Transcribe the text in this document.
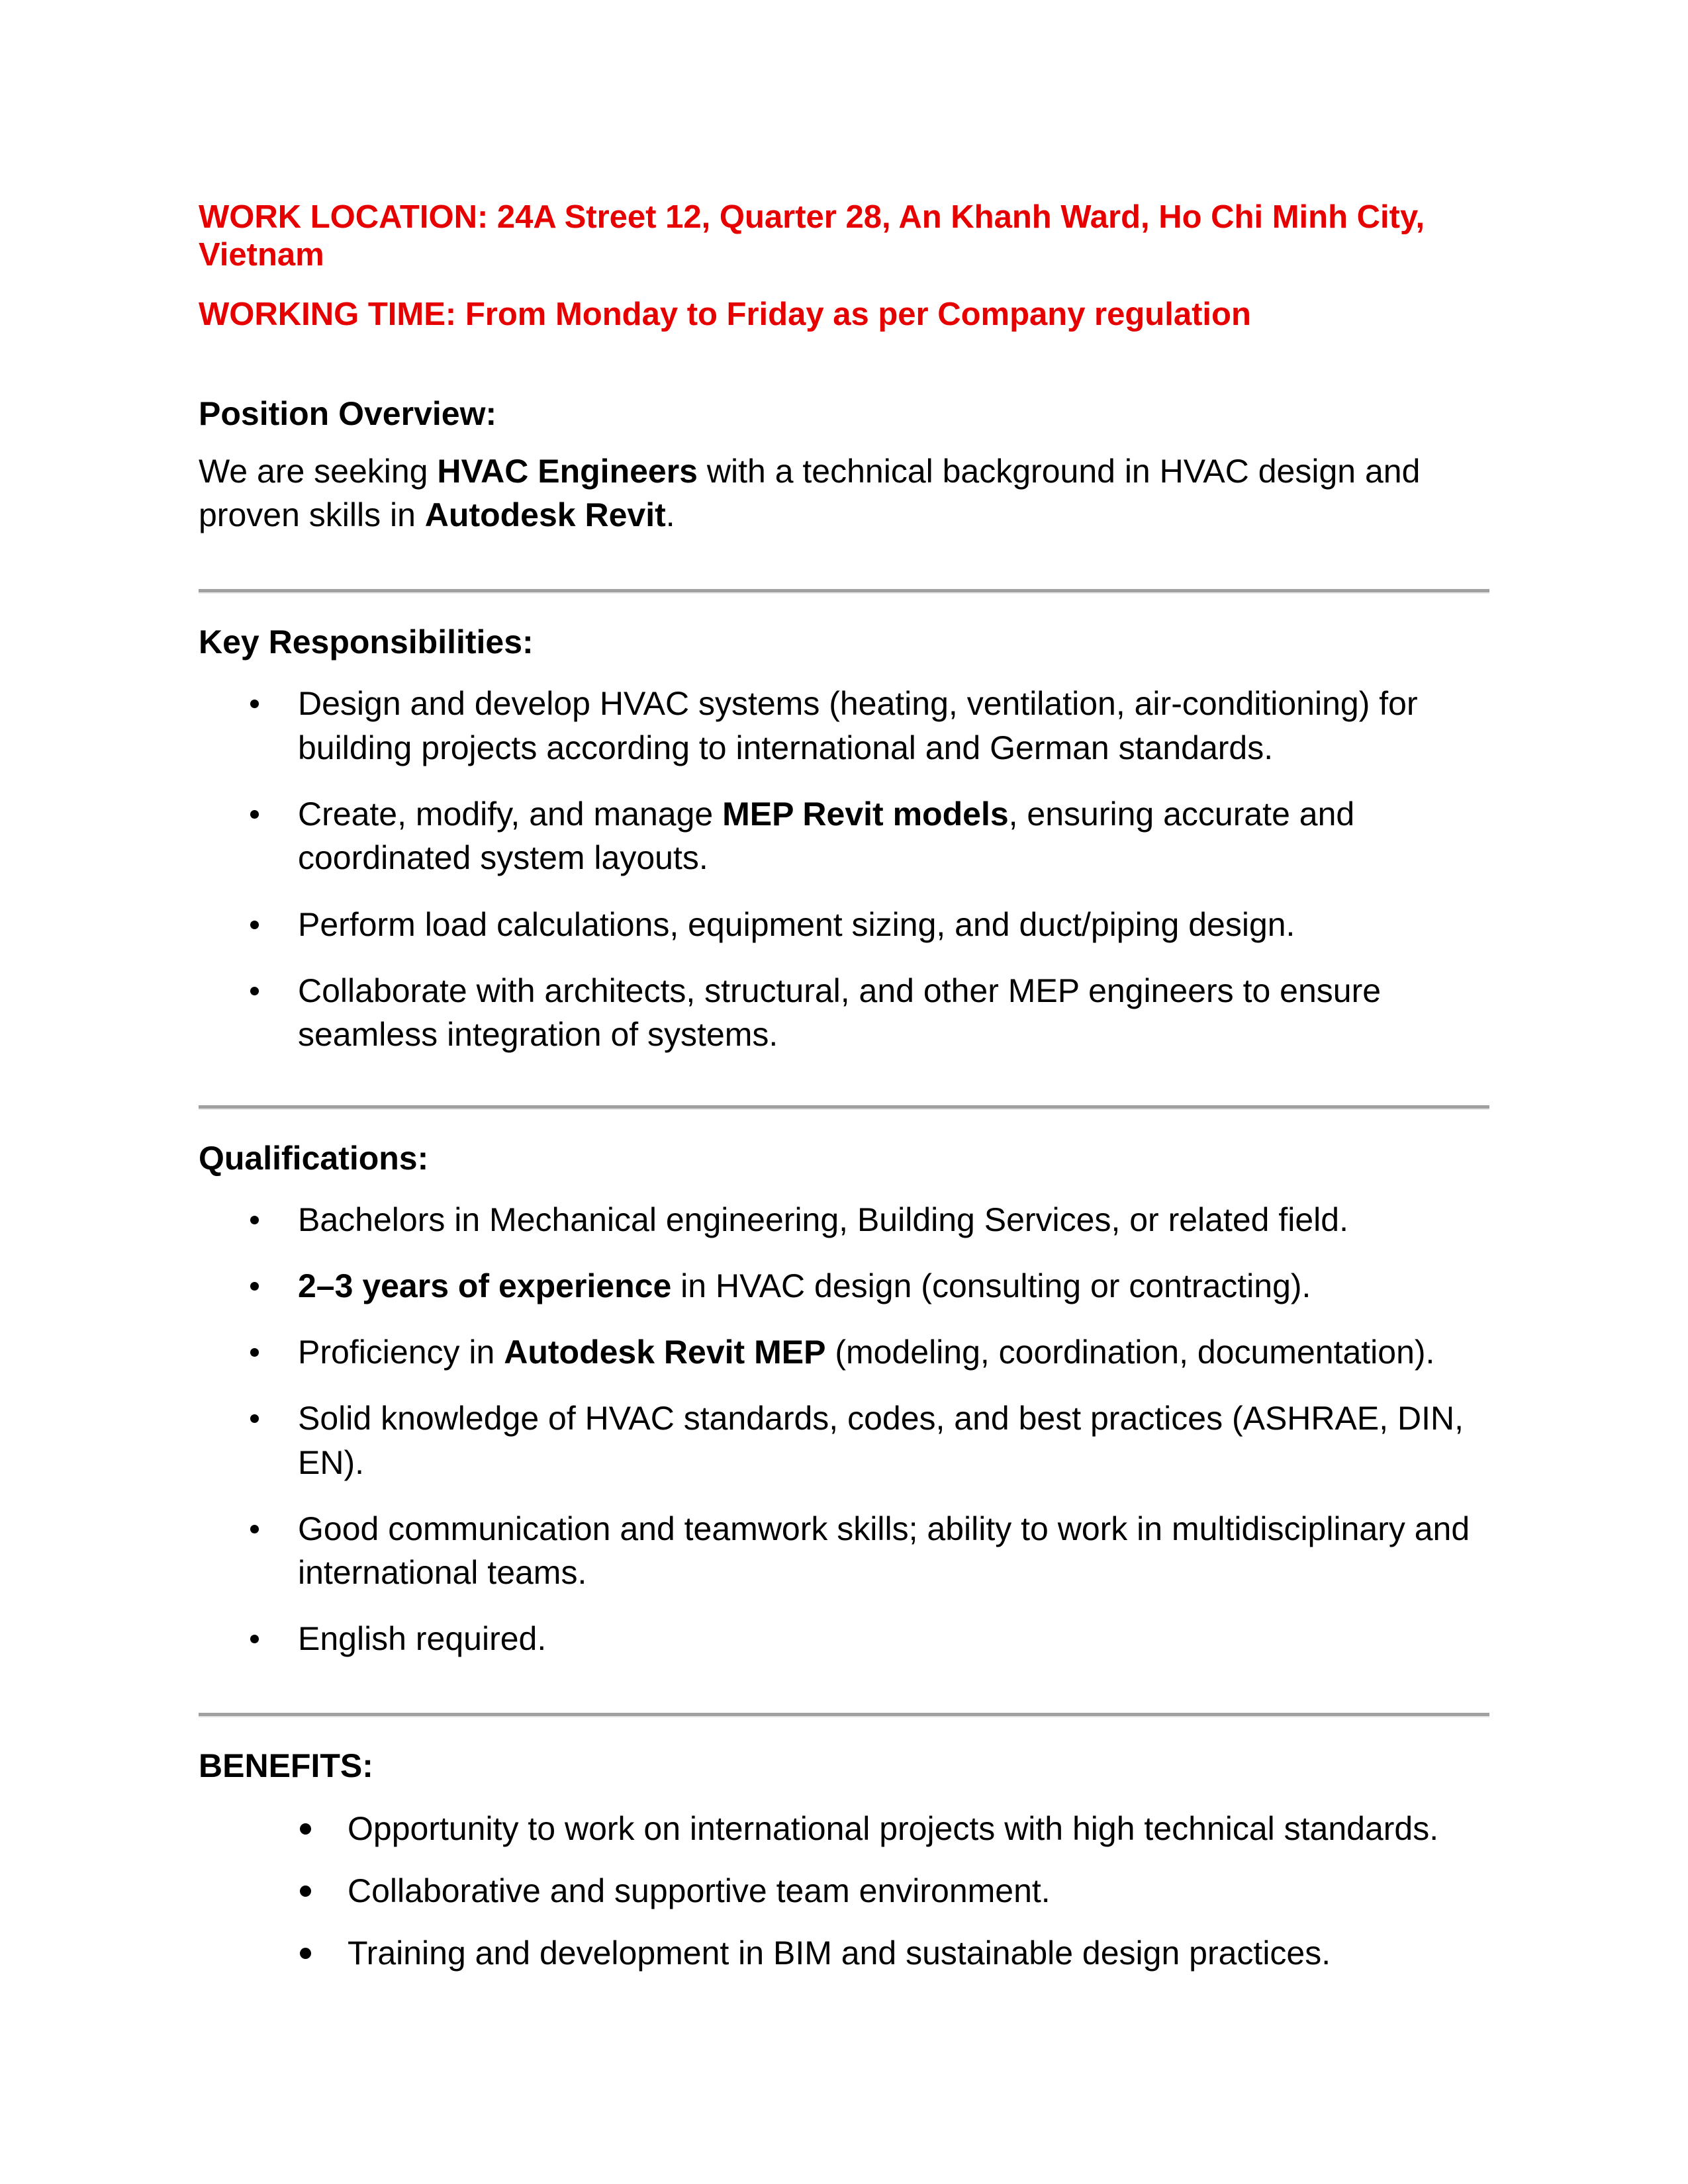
WORK LOCATION: 24A Street 12, Quarter 28, An Khanh Ward, Ho Chi Minh City,
Vietnam
WORKING TIME: From Monday to Friday as per Company regulation
Position Overview:
We are seeking HVAC Engineers with a technical background in HVAC design and
proven skills in Autodesk Revit.
Key Responsibilities:
Design and develop HVAC systems (heating, ventilation, air-conditioning) for
building projects according to international and German standards.
Create, modify, and manage MEP Revit models, ensuring accurate and
coordinated system layouts.
Perform load calculations, equipment sizing, and duct/piping design.
Collaborate with architects, structural, and other MEP engineers to ensure
seamless integration of systems.
Qualifications:
Bachelors in Mechanical engineering, Building Services, or related field.
2–3 years of experience in HVAC design (consulting or contracting).
Proficiency in Autodesk Revit MEP (modeling, coordination, documentation).
Solid knowledge of HVAC standards, codes, and best practices (ASHRAE, DIN,
EN).
Good communication and teamwork skills; ability to work in multidisciplinary and
international teams.
English required.
BENEFITS:
Opportunity to work on international projects with high technical standards.
Collaborative and supportive team environment.
Training and development in BIM and sustainable design practices.
